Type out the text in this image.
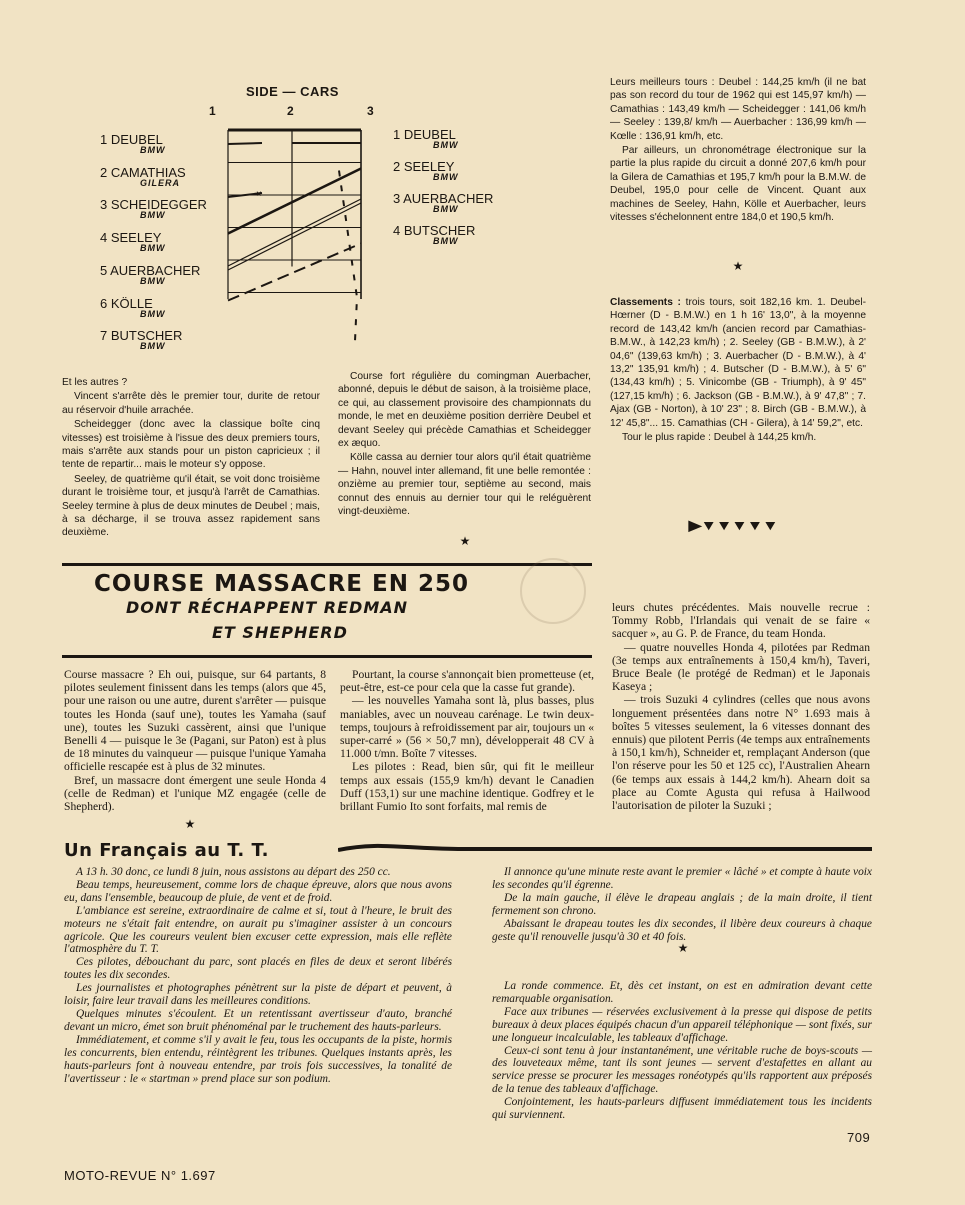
SIDE — CARS
1	2	3
1 DEUBEL
BMW
2 CAMATHIAS
GILERA
3 SCHEIDEGGER
BMW
4 SEELEY
BMW
5 AUERBACHER
BMW
6 KÖLLE
BMW
7 BUTSCHER
BMW
1 DEUBEL
BMW
2 SEELEY
BMW
3 AUERBACHER
BMW
4 BUTSCHER
BMW
×

Et les autres ?

Vincent s'arrête dès le premier tour, durite de retour au réservoir d'huile arrachée.

Scheidegger (donc avec la classique boîte cinq vitesses) est troisième à l'issue des deux premiers tours, mais s'arrête aux stands pour un piston capricieux ; il tente de repartir... mais le moteur s'y oppose.

Seeley, de quatrième qu'il était, se voit donc troisième durant le troisième tour, et jusqu'à l'arrêt de Camathias. Seeley termine à plus de deux minutes de Deubel ; mais, à sa décharge, il se trouva assez rapidement sans deuxième.

Course fort régulière du comingman Auerbacher, abonné, depuis le début de saison, à la troisième place, ce qui, au classement provisoire des championnats du monde, le met en deuxième position derrière Deubel et devant Seeley qui précède Camathias et Scheidegger ex æquo.

Kölle cassa au dernier tour alors qu'il était quatrième — Hahn, nouvel inter allemand, fit une belle remontée : onzième au premier tour, septième au second, mais connut des ennuis au dernier tour qui le reléguèrent vingt-deuxième.

★

Leurs meilleurs tours : Deubel : 144,25 km/h (il ne bat pas son record du tour de 1962 qui est 145,97 km/h) — Camathias : 143,49 km/h — Scheidegger : 141,06 km/h — Seeley : 139,8/ km/h — Auerbacher : 136,99 km/h — Kœlle : 136,91 km/h, etc.

Par ailleurs, un chronométrage électronique sur la partie la plus rapide du circuit a donné 207,6 km/h pour la Gilera de Camathias et 195,7 km/h pour la B.M.W. de Deubel, 195,0 pour celle de Vincent. Quant aux machines de Seeley, Hahn, Kölle et Auerbacher, leurs vitesses s'échelonnent entre 184,0 et 190,5 km/h.

★

Classements : trois tours, soit 182,16 km. 1. Deubel-Hœrner (D - B.M.W.) en 1 h 16' 13,0", à la moyenne record de 143,42 km/h (ancien record par Camathias-B.M.W., à 142,23 km/h) ; 2. Seeley (GB - B.M.W.), à 2' 04,6" (139,63 km/h) ; 3. Auerbacher (D - B.M.W.), à 4' 13,2" 135,91 km/h) ; 4. Butscher (D - B.M.W.), à 5' 6" (134,43 km/h) ; 5. Vinicombe (GB - Triumph), à 9' 45" (127,15 km/h) ; 6. Jackson (GB - B.M.W.), à 9' 47,8" ; 7. Ajax (GB - Norton), à 10' 23" ; 8. Birch (GB - B.M.W.), à 12' 45,8"... 15. Camathias (CH - Gilera), à 14' 59,2", etc.

Tour le plus rapide : Deubel à 144,25 km/h.

▶▼▼▼▼▼
COURSE MASSACRE EN 250
DONT RÉCHAPPENT REDMAN
ET SHEPHERD

Course massacre ? Eh oui, puisque, sur 64 partants, 8 pilotes seulement finissent dans les temps (alors que 45, pour une raison ou une autre, durent s'arrêter — puisque toutes les Honda (sauf une), toutes les Yamaha (sauf une), toutes les Suzuki cassèrent, ainsi que l'unique Benelli 4 — puisque le 3e (Pagani, sur Paton) est à plus de 18 minutes du vainqueur — puisque l'unique Yamaha officielle rescapée est à plus de 32 minutes.

Bref, un massacre dont émergent une seule Honda 4 (celle de Redman) et l'unique MZ engagée (celle de Shepherd).

★

Pourtant, la course s'annonçait bien prometteuse (et, peut-être, est-ce pour cela que la casse fut grande).

— les nouvelles Yamaha sont là, plus basses, plus maniables, avec un nouveau carénage. Le twin deux-temps, toujours à refroidissement par air, toujours un « super-carré » (56 × 50,7 mn), développerait 48 CV à 11.000 t/mn. Boîte 7 vitesses.

Les pilotes : Read, bien sûr, qui fit le meilleur temps aux essais (155,9 km/h) devant le Canadien Duff (153,1) sur une machine identique. Godfrey et le brillant Fumio Ito sont forfaits, mal remis de

leurs chutes précédentes. Mais nouvelle recrue : Tommy Robb, l'Irlandais qui venait de se faire « sacquer », au G. P. de France, du team Honda.

— quatre nouvelles Honda 4, pilotées par Redman (3e temps aux entraînements à 150,4 km/h), Taveri, Bruce Beale (le protégé de Redman) et le Japonais Kaseya ;

— trois Suzuki 4 cylindres (celles que nous avons longuement présentées dans notre N° 1.693 mais à boîtes 5 vitesses seulement, la 6 vitesses donnant des ennuis) que pilotent Perris (4e temps aux entraînements à 150,1 km/h), Schneider et, remplaçant Anderson (que l'on réserve pour les 50 et 125 cc), l'Australien Ahearn (6e temps aux essais à 144,2 km/h). Ahearn doit sa place au Comte Agusta qui refusa à Hailwood l'autorisation de piloter la Suzuki ;

Un Français au T. T.

A 13 h. 30 donc, ce lundi 8 juin, nous assistons au départ des 250 cc.

Beau temps, heureusement, comme lors de chaque épreuve, alors que nous avons eu, dans l'ensemble, beaucoup de pluie, de vent et de froid.

L'ambiance est sereine, extraordinaire de calme et si, tout à l'heure, le bruit des moteurs ne s'était fait entendre, on aurait pu s'imaginer assister à un concours agricole. Que les coureurs veulent bien excuser cette expression, mais elle reflète l'atmosphère du T. T.

Ces pilotes, débouchant du parc, sont placés en files de deux et seront libérés toutes les dix secondes.

Les journalistes et photographes pénètrent sur la piste de départ et peuvent, à loisir, faire leur travail dans les meilleures conditions.

Quelques minutes s'écoulent. Et un retentissant avertisseur d'auto, branché devant un micro, émet son bruit phénoménal par le truchement des hauts-parleurs.

Immédiatement, et comme s'il y avait le feu, tous les occupants de la piste, hormis les concurrents, bien entendu, réintègrent les tribunes. Quelques instants après, les hauts-parleurs font à nouveau entendre, par trois fois successives, la tonalité de l'avertisseur : le « startman » prend place sur son podium.

Il annonce qu'une minute reste avant le premier « lâché » et compte à haute voix les secondes qu'il égrenne.

De la main gauche, il élève le drapeau anglais ; de la main droite, il tient fermement son chrono.

Abaissant le drapeau toutes les dix secondes, il libère deux coureurs à chaque geste qu'il renouvelle jusqu'à 30 et 40 fois.

★

La ronde commence. Et, dès cet instant, on est en admiration devant cette remarquable organisation.

Face aux tribunes — réservées exclusivement à la presse qui dispose de petits bureaux à deux places équipés chacun d'un appareil téléphonique — sont fixés, sur une longueur incalculable, les tableaux d'affichage.

Ceux-ci sont tenu à jour instantanément, une véritable ruche de boys-scouts — des louveteaux même, tant ils sont jeunes — servent d'estafettes en allant au service presse se procurer les messages ronéotypés qu'ils rapportent aux préposés de la tenue des tableaux d'affichage.

Conjointement, les hauts-parleurs diffusent immédiatement tous les incidents qui surviennent.

MOTO-REVUE N° 1.697
709
